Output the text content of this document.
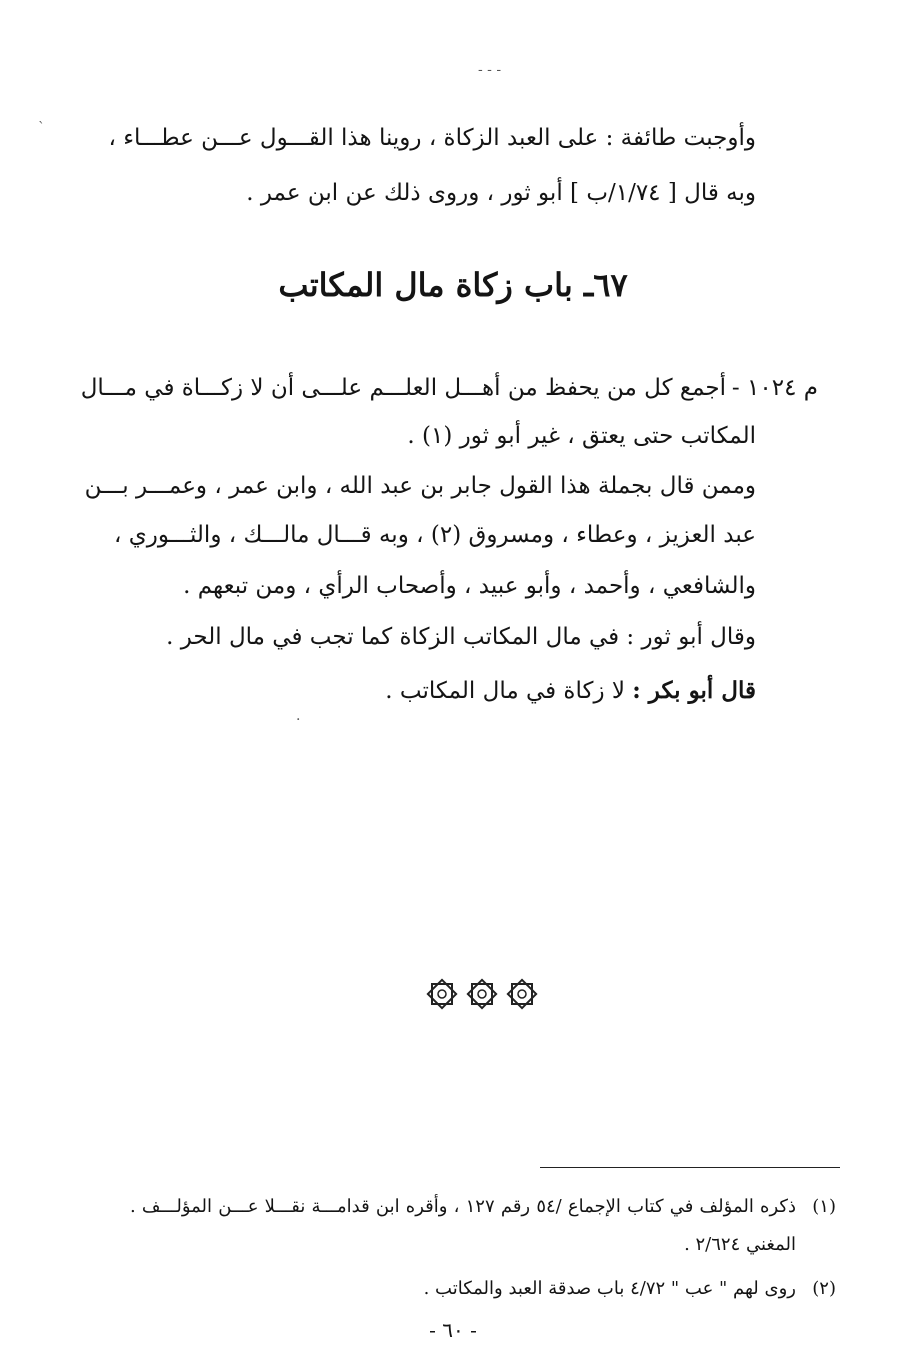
- - -
وأوجبت طائفة : على العبد الزكاة ، روينا هذا القـــول عـــن عطـــاء ،
وبه قال [ ١/٧٤/ب ] أبو ثور ، وروى ذلك عن ابن عمر .
٦٧ـ باب زكاة مال المكاتب
م ١٠٢٤ -
أجمع كل من يحفظ من أهـــل العلـــم علـــى أن لا زكـــاة في مـــال
المكاتب حتى يعتق ، غير أبو ثور (١) .
وممن قال بجملة هذا القول جابر بن عبد الله ، وابن عمر ، وعمـــر بـــن
عبد العزيز ، وعطاء ، ومسروق (٢) ، وبه قـــال مالـــك ، والثـــوري ،
والشافعي ، وأحمد ، وأبو عبيد ، وأصحاب الرأي ، ومن تبعهم .
وقال أبو ثور : في مال المكاتب الزكاة كما تجب في مال الحر .
قال أبو بكر : لا زكاة في مال المكاتب .
.
`
(١)ذكره المؤلف في كتاب الإجماع /٥٤ رقم ١٢٧ ، وأقره ابن قدامـــة نقـــلا عـــن المؤلـــف .
المغني ٢/٦٢٤ .
(٢)روى لهم " عب " ٤/٧٢ باب صدقة العبد والمكاتب .
- ٦٠ -
